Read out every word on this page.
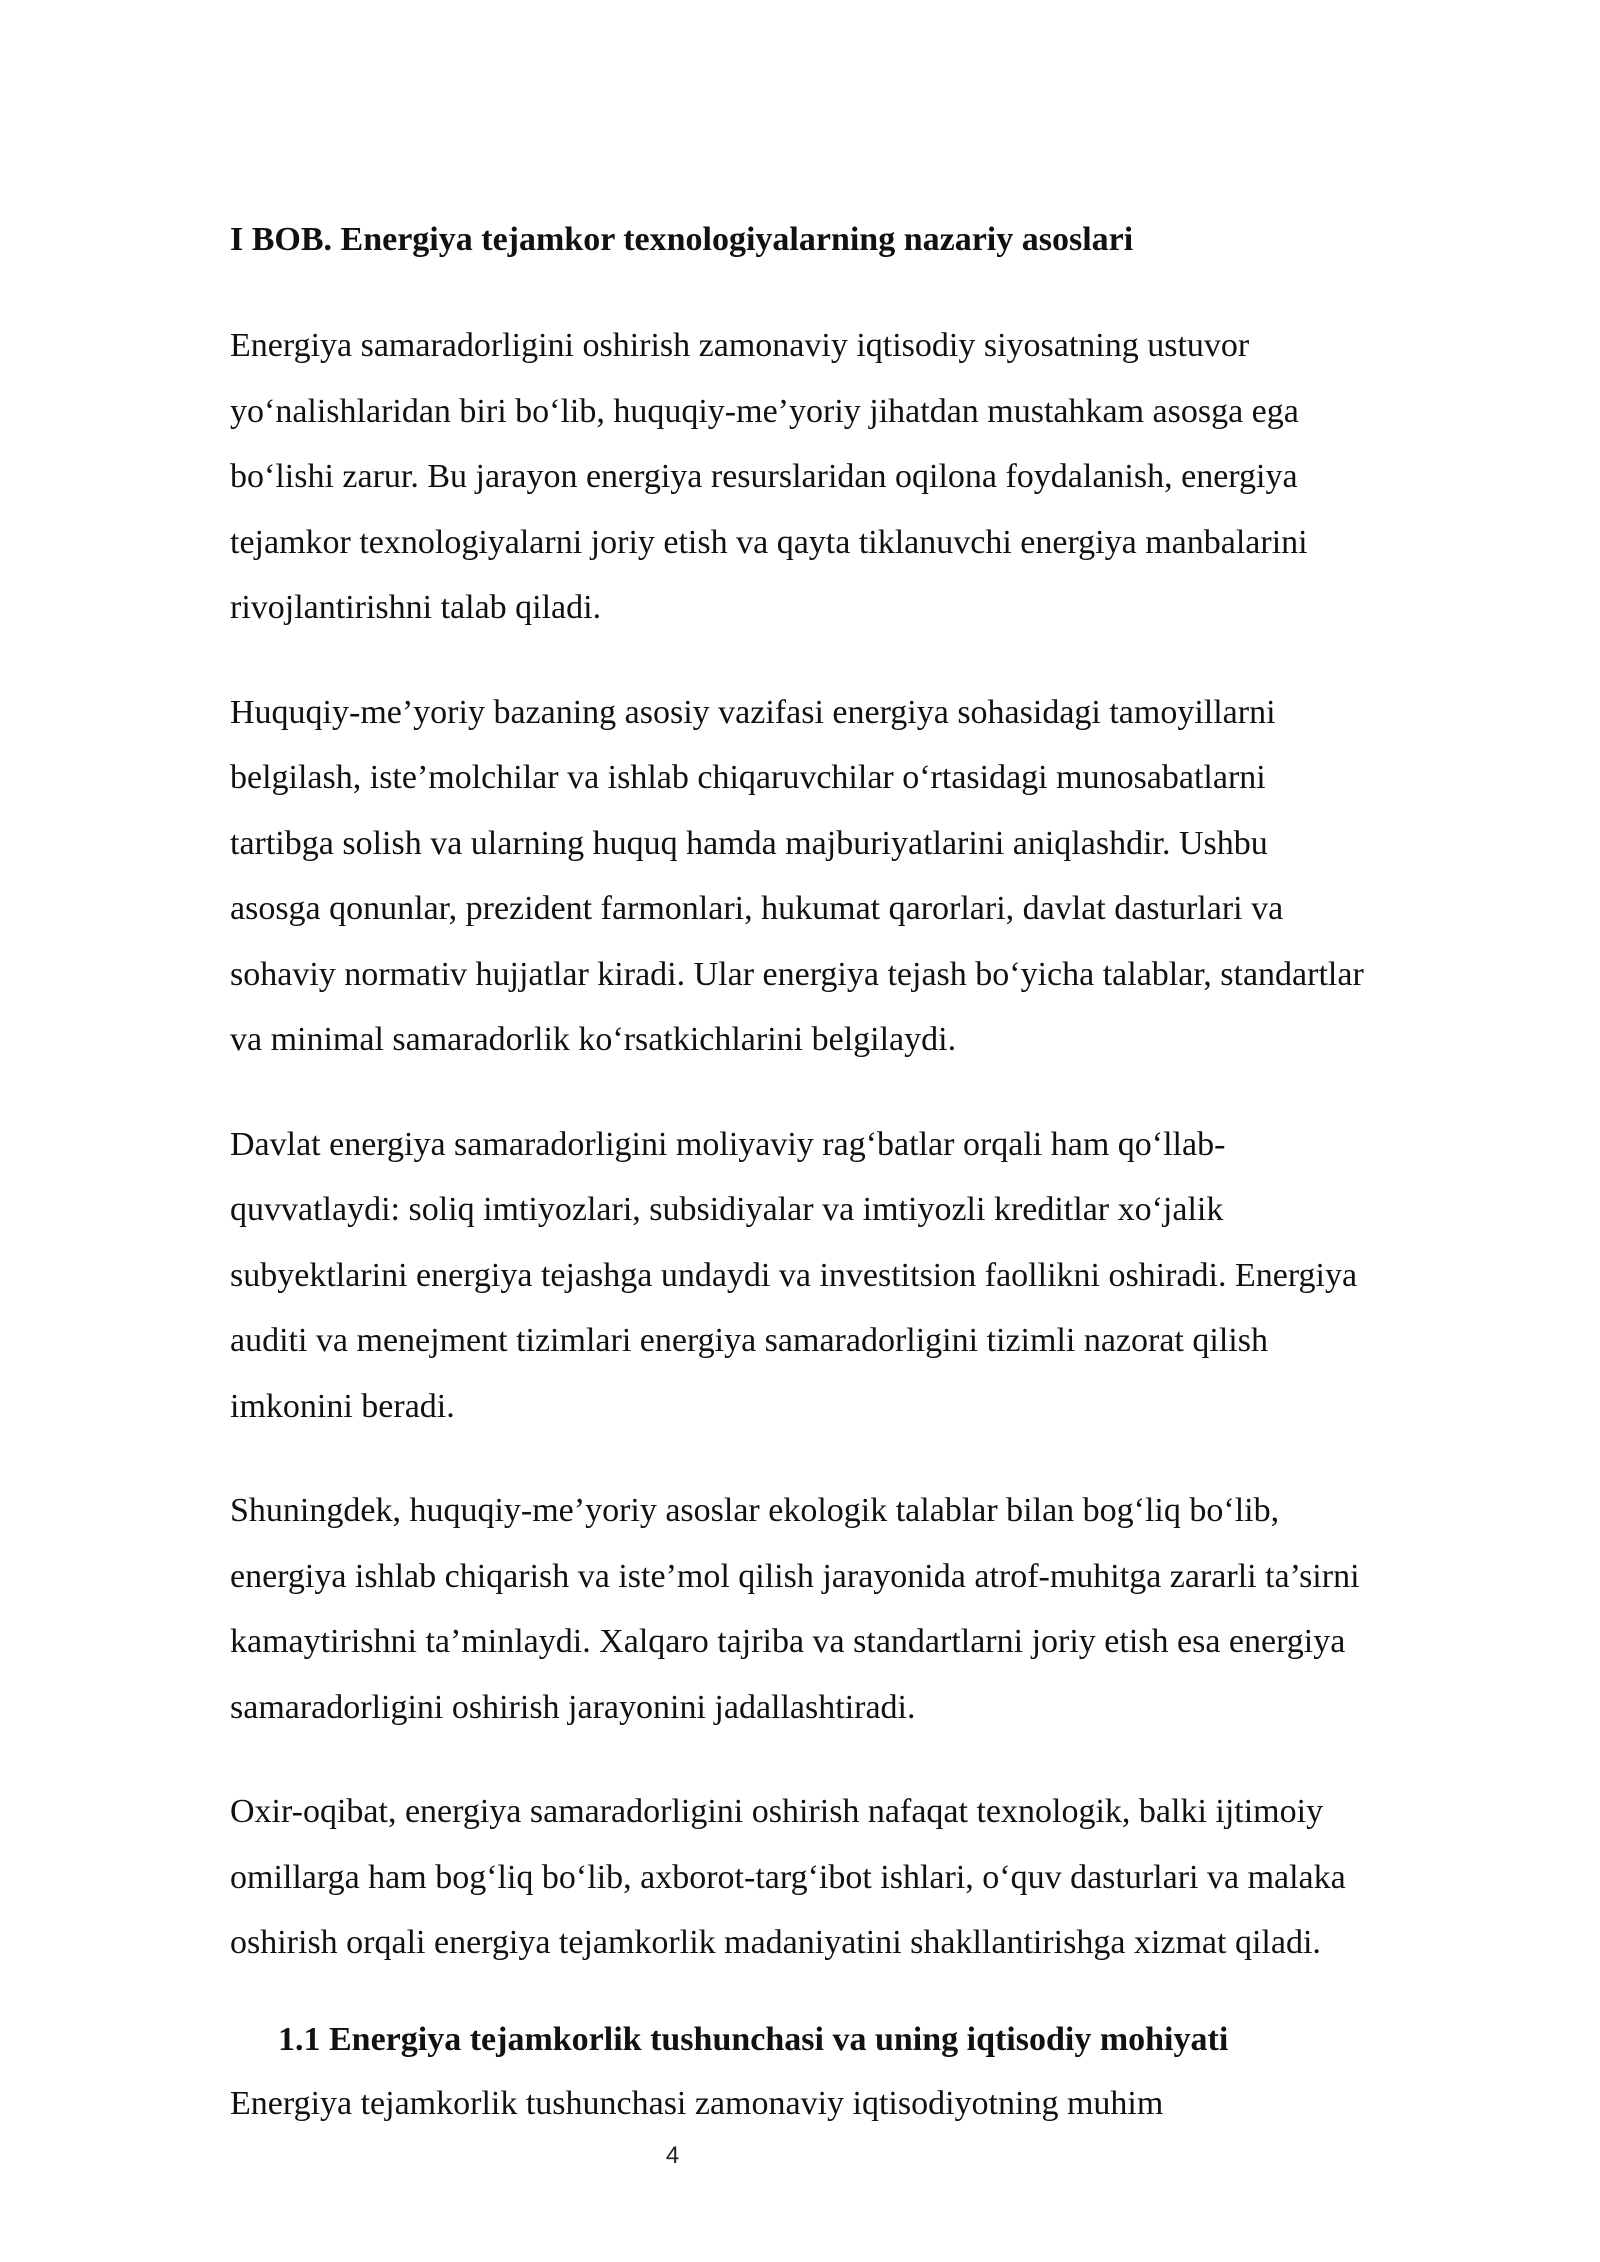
I BOB. Energiya tejamkor texnologiyalarning nazariy asoslari
Energiya samaradorligini oshirish zamonaviy iqtisodiy siyosatning ustuvor
yo‘nalishlaridan biri bo‘lib, huquqiy-me’yoriy jihatdan mustahkam asosga ega
bo‘lishi zarur. Bu jarayon energiya resurslaridan oqilona foydalanish, energiya
tejamkor texnologiyalarni joriy etish va qayta tiklanuvchi energiya manbalarini
rivojlantirishni talab qiladi.
Huquqiy-me’yoriy bazaning asosiy vazifasi energiya sohasidagi tamoyillarni
belgilash, iste’molchilar va ishlab chiqaruvchilar o‘rtasidagi munosabatlarni
tartibga solish va ularning huquq hamda majburiyatlarini aniqlashdir. Ushbu
asosga qonunlar, prezident farmonlari, hukumat qarorlari, davlat dasturlari va
sohaviy normativ hujjatlar kiradi. Ular energiya tejash bo‘yicha talablar, standartlar
va minimal samaradorlik ko‘rsatkichlarini belgilaydi.
Davlat energiya samaradorligini moliyaviy rag‘batlar orqali ham qo‘llab-
quvvatlaydi: soliq imtiyozlari, subsidiyalar va imtiyozli kreditlar xo‘jalik
subyektlarini energiya tejashga undaydi va investitsion faollikni oshiradi. Energiya
auditi va menejment tizimlari energiya samaradorligini tizimli nazorat qilish
imkonini beradi.
Shuningdek, huquqiy-me’yoriy asoslar ekologik talablar bilan bog‘liq bo‘lib,
energiya ishlab chiqarish va iste’mol qilish jarayonida atrof-muhitga zararli ta’sirni
kamaytirishni ta’minlaydi. Xalqaro tajriba va standartlarni joriy etish esa energiya
samaradorligini oshirish jarayonini jadallashtiradi.
Oxir-oqibat, energiya samaradorligini oshirish nafaqat texnologik, balki ijtimoiy
omillarga ham bog‘liq bo‘lib, axborot-targ‘ibot ishlari, o‘quv dasturlari va malaka
oshirish orqali energiya tejamkorlik madaniyatini shakllantirishga xizmat qiladi.
1.1 Energiya tejamkorlik tushunchasi va uning iqtisodiy mohiyati
Energiya tejamkorlik tushunchasi zamonaviy iqtisodiyotning muhim
4
